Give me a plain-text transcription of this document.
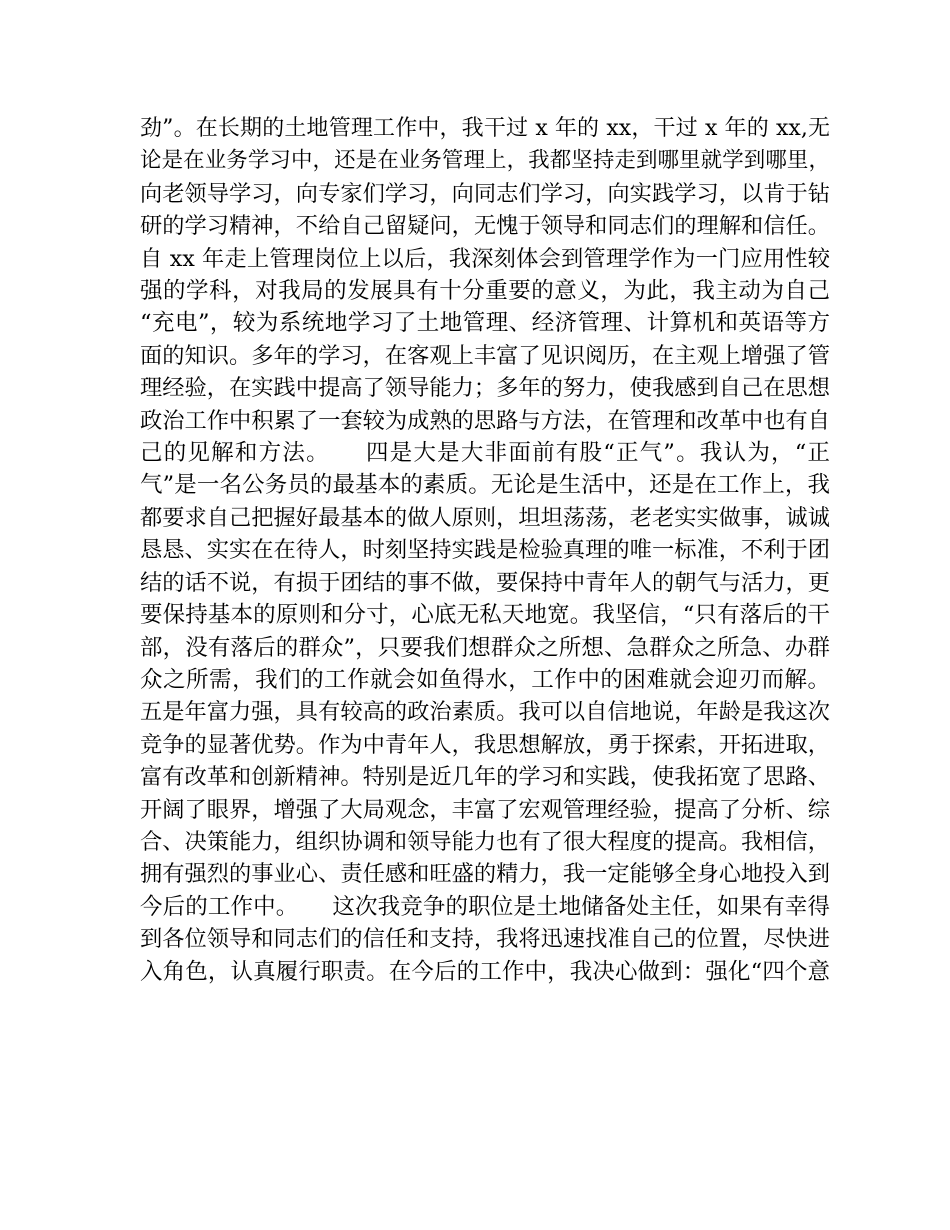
劲”。在长期的土地管理工作中，我干过 x 年的 xx，干过 x 年的 xx,无
论是在业务学习中，还是在业务管理上，我都坚持走到哪里就学到哪里，
向老领导学习，向专家们学习，向同志们学习，向实践学习，以肯于钻
研的学习精神，不给自己留疑问，无愧于领导和同志们的理解和信任。
自 xx 年走上管理岗位上以后，我深刻体会到管理学作为一门应用性较
强的学科，对我局的发展具有十分重要的意义，为此，我主动为自己
“充电”，较为系统地学习了土地管理、经济管理、计算机和英语等方
面的知识。多年的学习，在客观上丰富了见识阅历，在主观上增强了管
理经验，在实践中提高了领导能力；多年的努力，使我感到自己在思想
政治工作中积累了一套较为成熟的思路与方法，在管理和改革中也有自
己的见解和方法。　　四是大是大非面前有股“正气”。我认为，“正
气”是一名公务员的最基本的素质。无论是生活中，还是在工作上，我
都要求自己把握好最基本的做人原则，坦坦荡荡，老老实实做事，诚诚
恳恳、实实在在待人，时刻坚持实践是检验真理的唯一标准，不利于团
结的话不说，有损于团结的事不做，要保持中青年人的朝气与活力，更
要保持基本的原则和分寸，心底无私天地宽。我坚信，“只有落后的干
部，没有落后的群众”，只要我们想群众之所想、急群众之所急、办群
众之所需，我们的工作就会如鱼得水，工作中的困难就会迎刃而解。
五是年富力强，具有较高的政治素质。我可以自信地说，年龄是我这次
竞争的显著优势。作为中青年人，我思想解放，勇于探索，开拓进取，
富有改革和创新精神。特别是近几年的学习和实践，使我拓宽了思路、
开阔了眼界，增强了大局观念，丰富了宏观管理经验，提高了分析、综
合、决策能力，组织协调和领导能力也有了很大程度的提高。我相信，
拥有强烈的事业心、责任感和旺盛的精力，我一定能够全身心地投入到
今后的工作中。　　这次我竞争的职位是土地储备处主任，如果有幸得
到各位领导和同志们的信任和支持，我将迅速找准自己的位置，尽快进
入角色，认真履行职责。在今后的工作中，我决心做到：强化“四个意
